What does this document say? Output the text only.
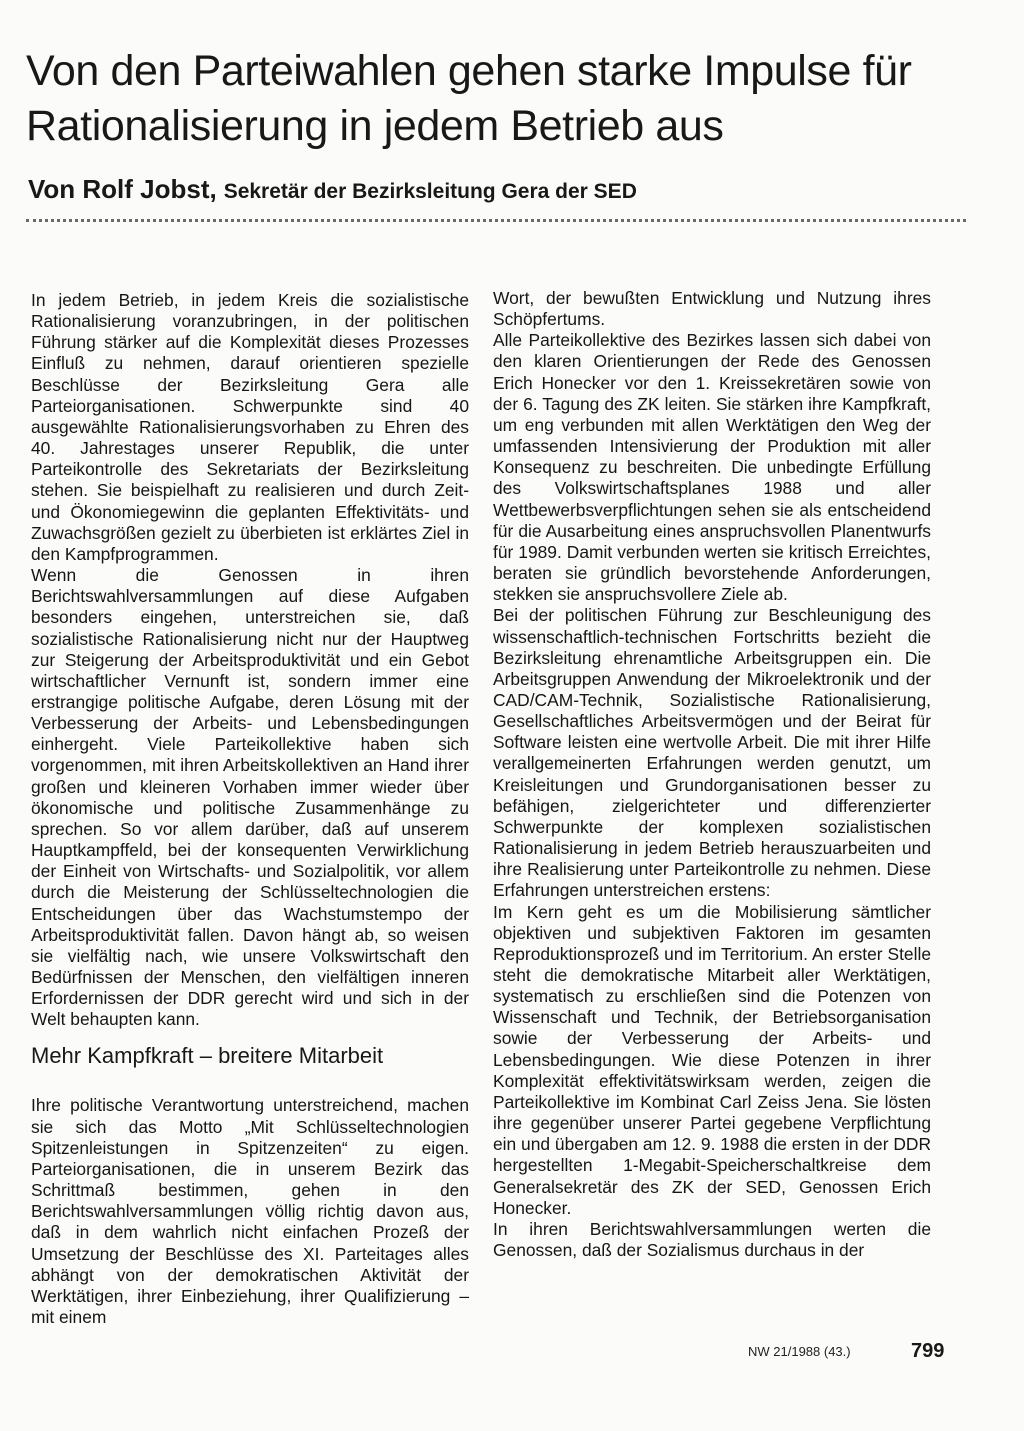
Von den Parteiwahlen gehen starke Impulse für Rationalisierung in jedem Betrieb aus
Von Rolf Jobst, Sekretär der Bezirksleitung Gera der SED

In jedem Betrieb, in jedem Kreis die sozialistische Rationalisierung voranzubringen, in der politischen Führung stärker auf die Komplexität dieses Prozesses Einfluß zu nehmen, darauf orientieren spezielle Beschlüsse der Bezirksleitung Gera alle Parteiorganisationen. Schwerpunkte sind 40 ausgewählte Rationalisierungsvorhaben zu Ehren des 40. Jahrestages unserer Republik, die unter Parteikontrolle des Sekretariats der Bezirksleitung stehen. Sie beispielhaft zu realisieren und durch Zeit- und Ökonomiegewinn die geplanten Effektivitäts- und Zuwachsgrößen gezielt zu überbieten ist erklärtes Ziel in den Kampfprogrammen.

Wenn die Genossen in ihren Berichtswahlversammlungen auf diese Aufgaben besonders eingehen, unterstreichen sie, daß sozialistische Rationalisierung nicht nur der Hauptweg zur Steigerung der Arbeitsproduktivität und ein Gebot wirtschaftlicher Vernunft ist, sondern immer eine erstrangige politische Aufgabe, deren Lösung mit der Verbesserung der Arbeits- und Lebensbedingungen einhergeht. Viele Parteikollektive haben sich vorgenommen, mit ihren Arbeitskollektiven an Hand ihrer großen und kleineren Vorhaben immer wieder über ökonomische und politische Zusammenhänge zu sprechen. So vor allem darüber, daß auf unserem Hauptkampffeld, bei der konsequenten Verwirklichung der Einheit von Wirtschafts- und Sozialpolitik, vor allem durch die Meisterung der Schlüsseltechnologien die Entscheidungen über das Wachstumstempo der Arbeitsproduktivität fallen. Davon hängt ab, so weisen sie vielfältig nach, wie unsere Volkswirtschaft den Bedürfnissen der Menschen, den vielfältigen inneren Erfordernissen der DDR gerecht wird und sich in der Welt behaupten kann.

Mehr Kampfkraft – breitere Mitarbeit

Ihre politische Verantwortung unterstreichend, machen sie sich das Motto „Mit Schlüsseltechnologien Spitzenleistungen in Spitzenzeiten“ zu eigen. Parteiorganisationen, die in unserem Bezirk das Schrittmaß bestimmen, gehen in den Berichtswahlversammlungen völlig richtig davon aus, daß in dem wahrlich nicht einfachen Prozeß der Umsetzung der Beschlüsse des XI. Parteitages alles abhängt von der demokratischen Aktivität der Werktätigen, ihrer Einbeziehung, ihrer Qualifizierung – mit einem

Wort, der bewußten Entwicklung und Nutzung ihres Schöpfertums.

Alle Parteikollektive des Bezirkes lassen sich dabei von den klaren Orientierungen der Rede des Genossen Erich Honecker vor den 1. Kreissekretären sowie von der 6. Tagung des ZK leiten. Sie stärken ihre Kampfkraft, um eng verbunden mit allen Werktätigen den Weg der umfassenden Intensivierung der Produktion mit aller Konsequenz zu beschreiten. Die unbedingte Erfüllung des Volkswirtschaftsplanes 1988 und aller Wettbewerbsverpflichtungen sehen sie als entscheidend für die Ausarbeitung eines anspruchsvollen Planentwurfs für 1989. Damit verbunden werten sie kritisch Erreichtes, beraten sie gründlich bevorstehende Anforderungen, stekken sie anspruchsvollere Ziele ab.

Bei der politischen Führung zur Beschleunigung des wissenschaftlich-technischen Fortschritts bezieht die Bezirksleitung ehrenamtliche Arbeitsgruppen ein. Die Arbeitsgruppen Anwendung der Mikroelektronik und der CAD/CAM-Technik, Sozialistische Rationalisierung, Gesellschaftliches Arbeitsvermögen und der Beirat für Software leisten eine wertvolle Arbeit. Die mit ihrer Hilfe verallgemeinerten Erfahrungen werden genutzt, um Kreisleitungen und Grundorganisationen besser zu befähigen, zielgerichteter und differenzierter Schwerpunkte der komplexen sozialistischen Rationalisierung in jedem Betrieb herauszuarbeiten und ihre Realisierung unter Parteikontrolle zu nehmen. Diese Erfahrungen unterstreichen erstens:

Im Kern geht es um die Mobilisierung sämtlicher objektiven und subjektiven Faktoren im gesamten Reproduktionsprozeß und im Territorium. An erster Stelle steht die demokratische Mitarbeit aller Werktätigen, systematisch zu erschließen sind die Potenzen von Wissenschaft und Technik, der Betriebsorganisation sowie der Verbesserung der Arbeits- und Lebensbedingungen. Wie diese Potenzen in ihrer Komplexität effektivitätswirksam werden, zeigen die Parteikollektive im Kombinat Carl Zeiss Jena. Sie lösten ihre gegenüber unserer Partei gegebene Verpflichtung ein und übergaben am 12. 9. 1988 die ersten in der DDR hergestellten 1-Megabit-Speicherschaltkreise dem Generalsekretär des ZK der SED, Genossen Erich Honecker.

In ihren Berichtswahlversammlungen werten die Genossen, daß der Sozialismus durchaus in der

NW 21/1988 (43.)	799
